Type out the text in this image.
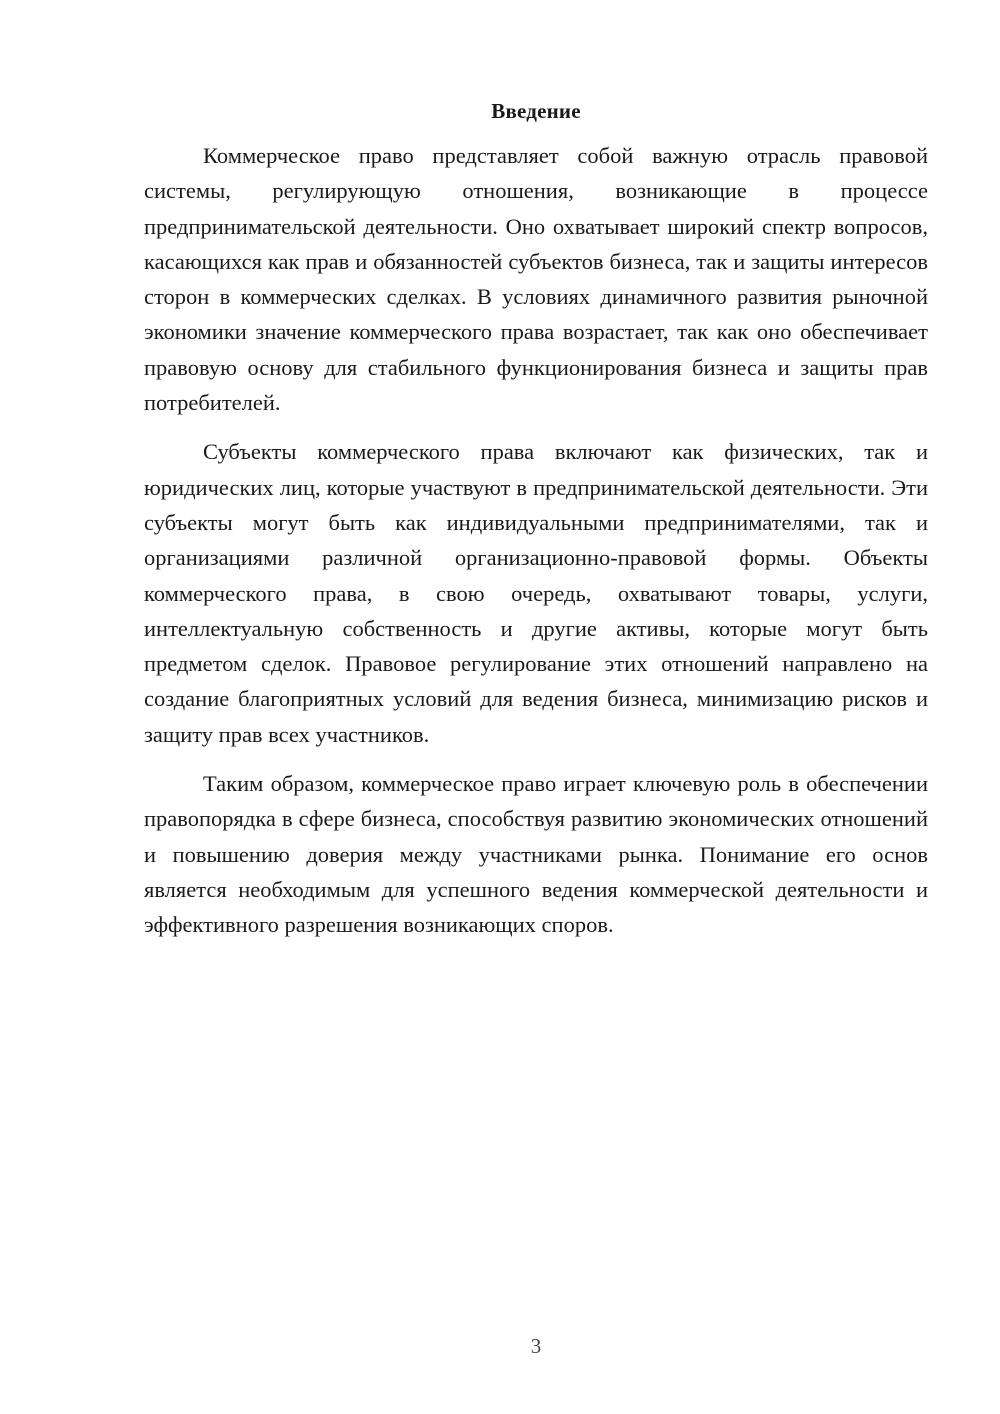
Введение

Коммерческое право представляет собой важную отрасль правовой системы, регулирующую отношения, возникающие в процессе предпринимательской деятельности. Оно охватывает широкий спектр вопросов, касающихся как прав и обязанностей субъектов бизнеса, так и защиты интересов сторон в коммерческих сделках. В условиях динамичного развития рыночной экономики значение коммерческого права возрастает, так как оно обеспечивает правовую основу для стабильного функционирования бизнеса и защиты прав потребителей.

Субъекты коммерческого права включают как физических, так и юридических лиц, которые участвуют в предпринимательской деятельности. Эти субъекты могут быть как индивидуальными предпринимателями, так и организациями различной организационно-правовой формы. Объекты коммерческого права, в свою очередь, охватывают товары, услуги, интеллектуальную собственность и другие активы, которые могут быть предметом сделок. Правовое регулирование этих отношений направлено на создание благоприятных условий для ведения бизнеса, минимизацию рисков и защиту прав всех участников.

Таким образом, коммерческое право играет ключевую роль в обеспечении правопорядка в сфере бизнеса, способствуя развитию экономических отношений и повышению доверия между участниками рынка. Понимание его основ является необходимым для успешного ведения коммерческой деятельности и эффективного разрешения возникающих споров.

3
